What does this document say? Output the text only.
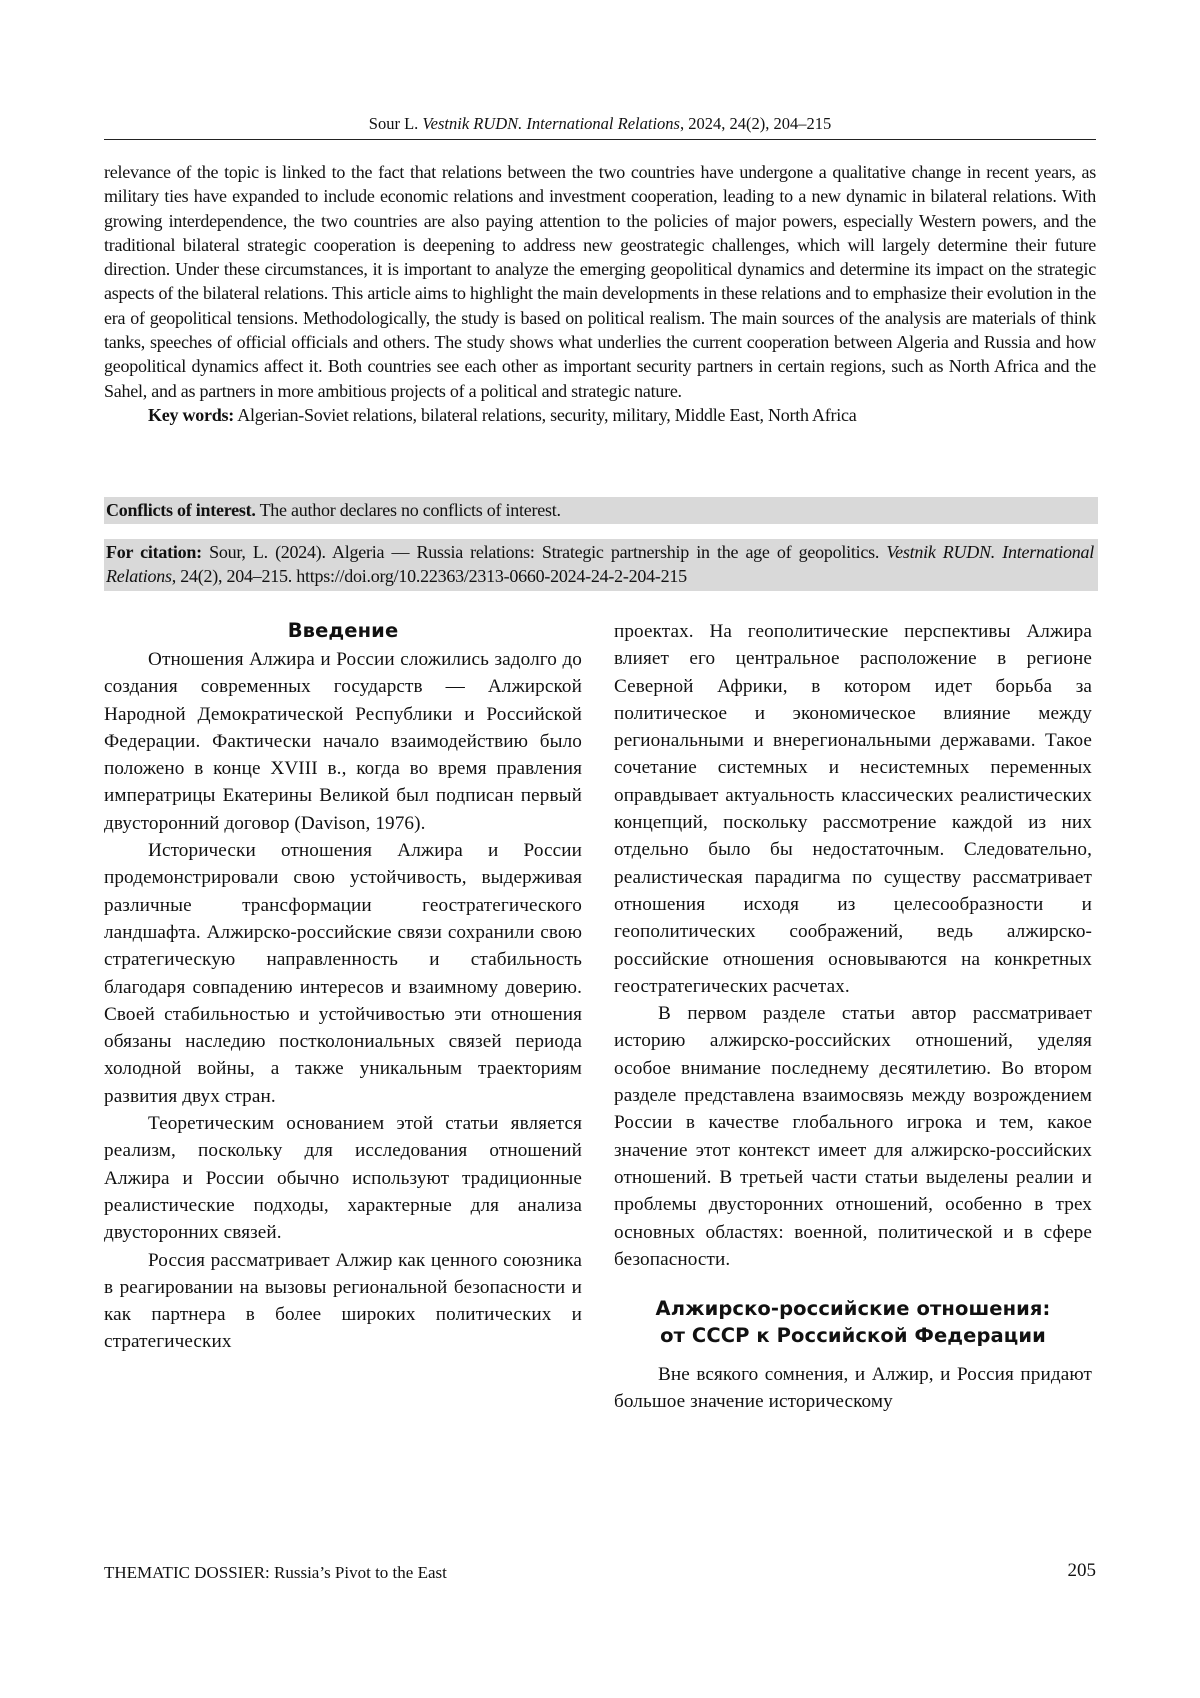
Sour L. Vestnik RUDN. International Relations, 2024, 24(2), 204–215

relevance of the topic is linked to the fact that relations between the two countries have undergone a qualitative change in recent years, as military ties have expanded to include economic relations and investment cooperation, leading to a new dynamic in bilateral relations. With growing interdependence, the two countries are also paying attention to the policies of major powers, especially Western powers, and the traditional bilateral strategic cooperation is deepening to address new geostrategic challenges, which will largely determine their future direction. Under these circumstances, it is important to analyze the emerging geopolitical dynamics and determine its impact on the strategic aspects of the bilateral relations. This article aims to highlight the main developments in these relations and to emphasize their evolution in the era of geopolitical tensions. Methodologically, the study is based on political realism. The main sources of the analysis are materials of think tanks, speeches of official officials and others. The study shows what underlies the current cooperation between Algeria and Russia and how geopolitical dynamics affect it. Both countries see each other as important security partners in certain regions, such as North Africa and the Sahel, and as partners in more ambitious projects of a political and strategic nature.

Key words: Algerian-Soviet relations, bilateral relations, security, military, Middle East, North Africa

Conflicts of interest. The author declares no conflicts of interest.
For citation: Sour, L. (2024). Algeria — Russia relations: Strategic partnership in the age of geopolitics. Vestnik RUDN. International Relations, 24(2), 204–215. https://doi.org/10.22363/2313-0660-2024-24-2-204-215
Введение

Отношения Алжира и России сложились задолго до создания современных государств — Алжирской Народной Демократической Республики и Российской Федерации. Фактически начало взаимодействию было положено в конце XVIII в., когда во время правления императрицы Екатерины Великой был подписан первый двусторонний договор (Davison, 1976).

Исторически отношения Алжира и России продемонстрировали свою устойчивость, выдерживая различные трансформации геостратегического ландшафта. Алжирско-российские связи сохранили свою стратегическую направленность и стабильность благодаря совпадению интересов и взаимному доверию. Своей стабильностью и устойчивостью эти отношения обязаны наследию постколониальных связей периода холодной войны, а также уникальным траекториям развития двух стран.

Теоретическим основанием этой статьи является реализм, поскольку для исследования отношений Алжира и России обычно используют традиционные реалистические подходы, характерные для анализа двусторонних связей.

Россия рассматривает Алжир как ценного союзника в реагировании на вызовы региональной безопасности и как партнера в более широких политических и стратегических

проектах. На геополитические перспективы Алжира влияет его центральное расположение в регионе Северной Африки, в котором идет борьба за политическое и экономическое влияние между региональными и внерегиональными державами. Такое сочетание системных и несистемных переменных оправдывает актуальность классических реалистических концепций, поскольку рассмотрение каждой из них отдельно было бы недостаточным. Следовательно, реалистическая парадигма по существу рассматривает отношения исходя из целесообразности и геополитических соображений, ведь алжирско-российские отношения основываются на конкретных геостратегических расчетах.

В первом разделе статьи автор рассматривает историю алжирско-российских отношений, уделяя особое внимание последнему десятилетию. Во втором разделе представлена взаимосвязь между возрождением России в качестве глобального игрока и тем, какое значение этот контекст имеет для алжирско-российских отношений. В третьей части статьи выделены реалии и проблемы двусторонних отношений, особенно в трех основных областях: военной, политической и в сфере безопасности.

Алжирско-российские отношения:
от СССР к Российской Федерации

Вне всякого сомнения, и Алжир, и Россия придают большое значение историческому

THEMATIC DOSSIER: Russia’s Pivot to the East	205
